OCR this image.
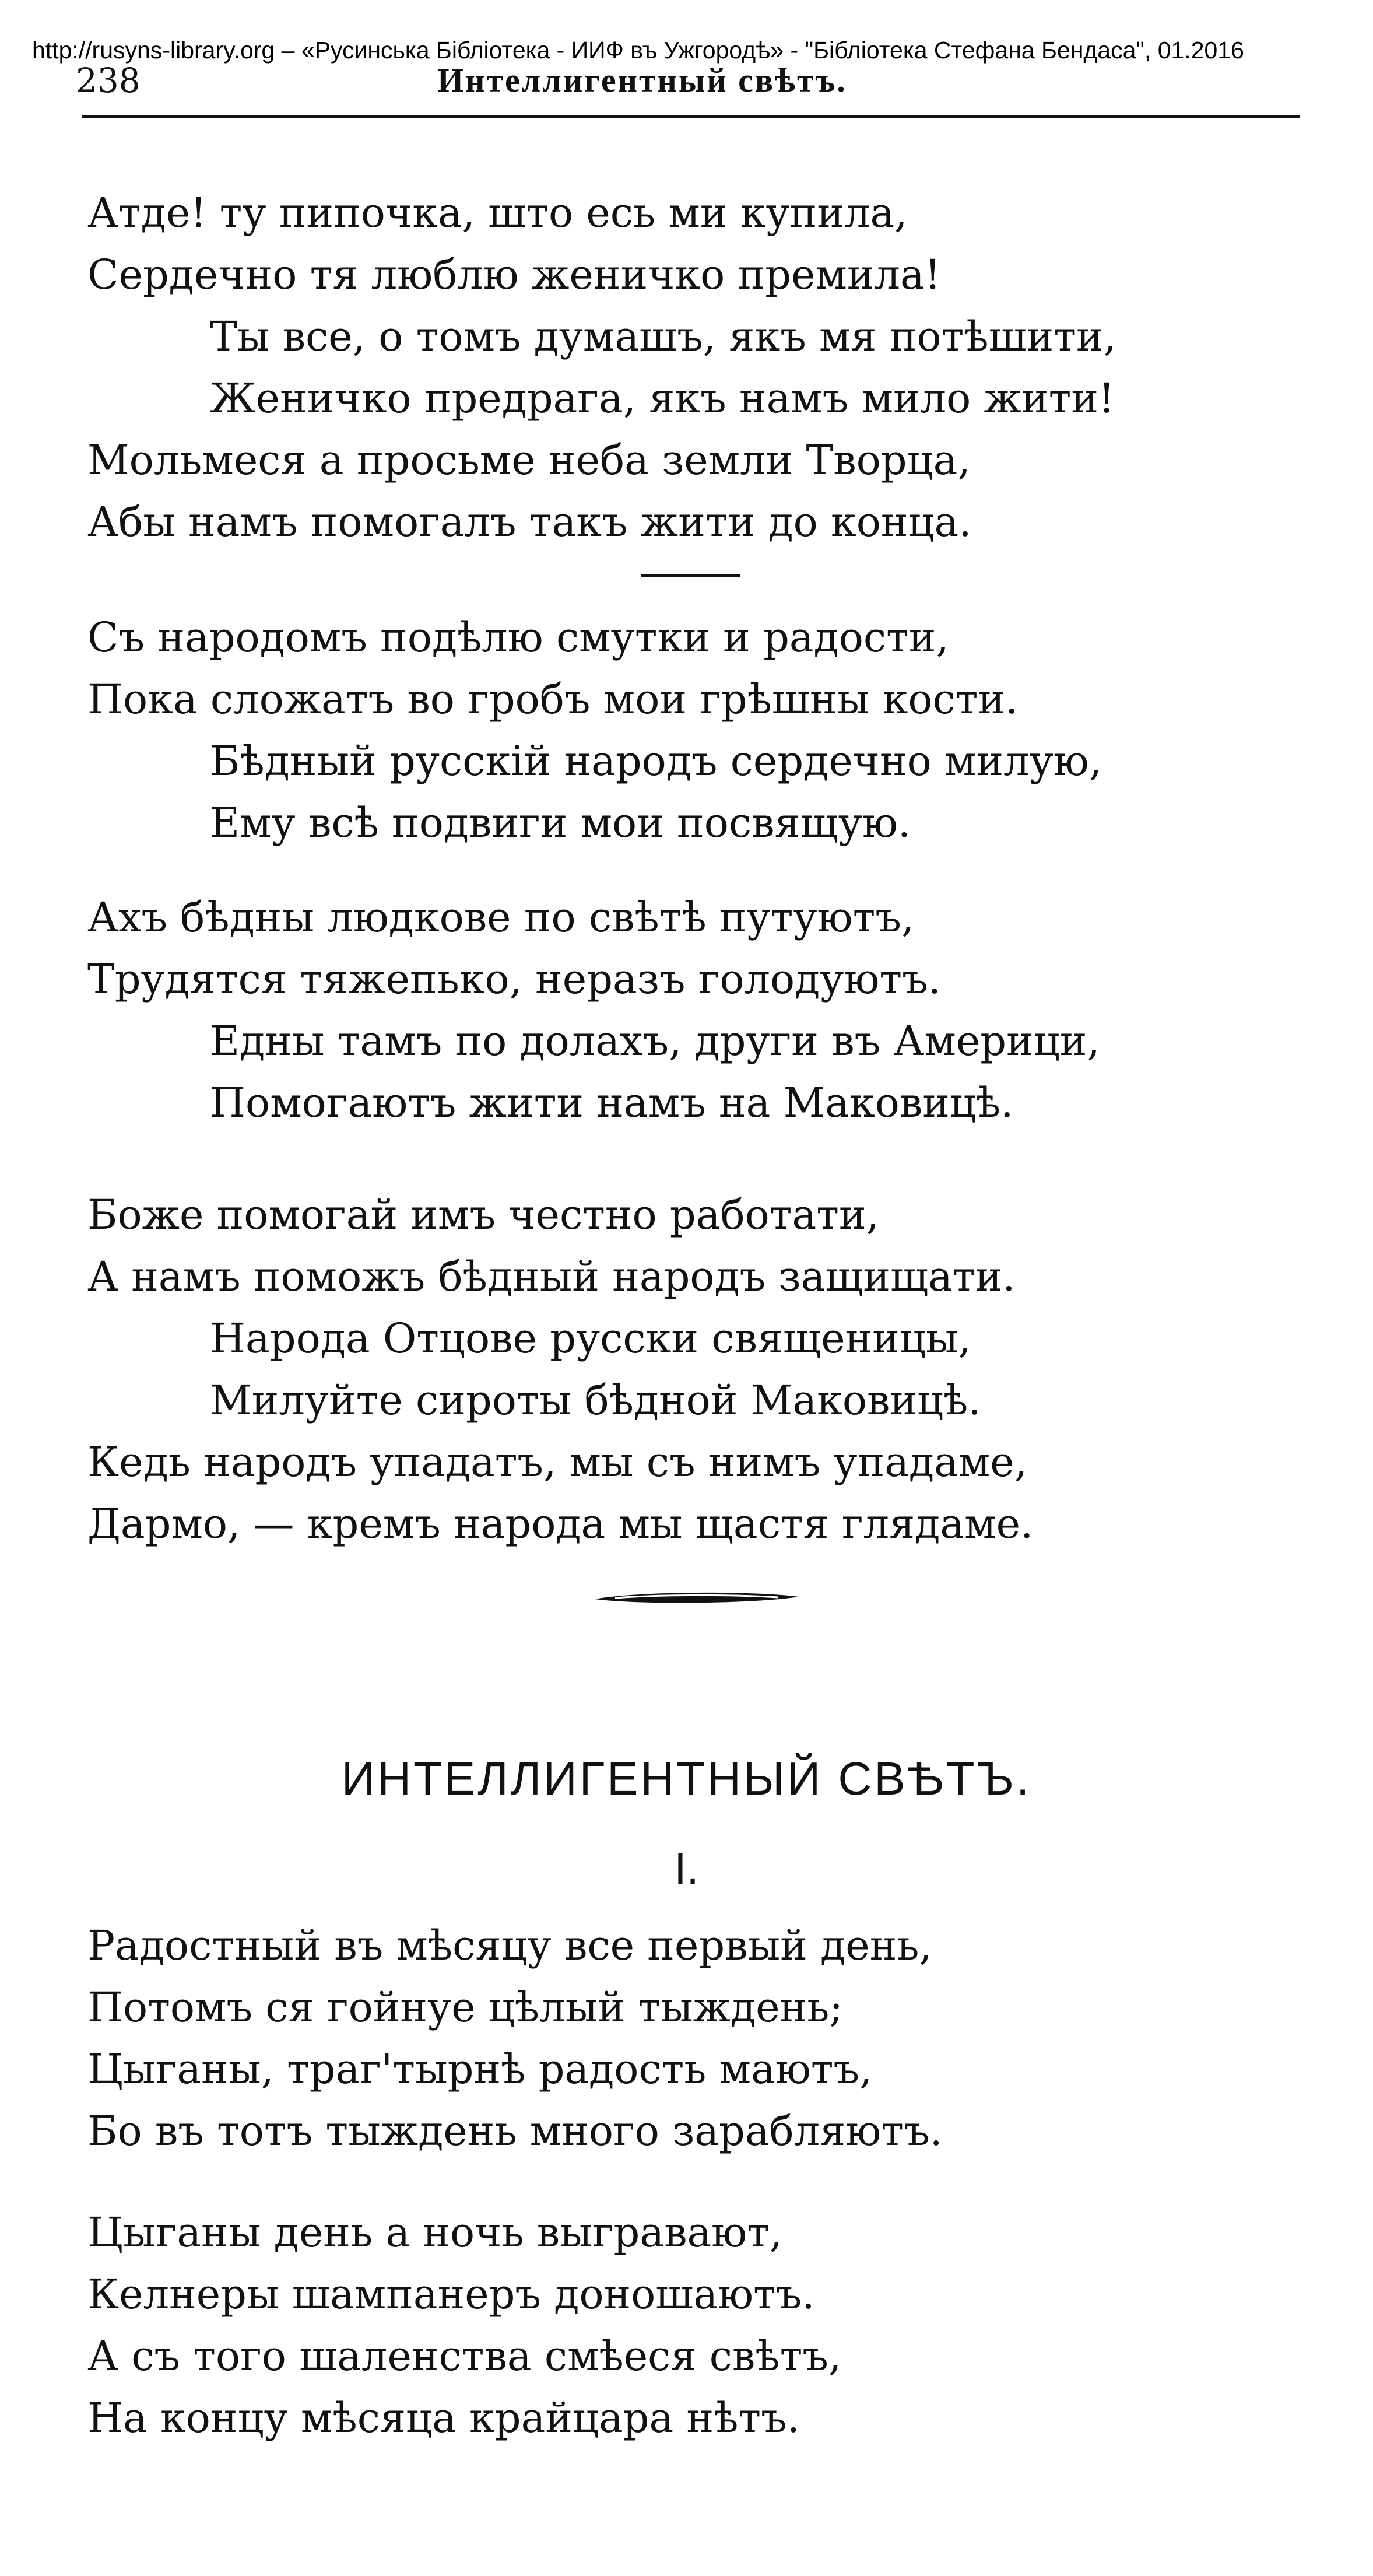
http://rusyns-library.org – «Русинська Бібліотека - ИИФ въ Ужгородѣ» - "Бібліотека Стефана Бендаса", 01.2016
238	Интеллигентный свѣтъ.
Атде! ту пипочка, што есь ми купила,
Сердечно тя люблю женичко премила!
Ты все, о томъ думашъ, якъ мя потѣшити,
Женичко предрага, якъ намъ мило жити!
Мольмеся а просьме неба земли Творца,
Абы намъ помогалъ такъ жити до конца.
Съ народомъ подѣлю смутки и радости,
Пока сложатъ во гробъ мои грѣшны кости.
Бѣдный русскій народъ сердечно милую,
Ему всѣ подвиги мои посвящую.
Ахъ бѣдны людкове по свѣтѣ путуютъ,
Трудятся тяжепько, неразъ голодуютъ.
Едны тамъ по долахъ, други въ Америци,
Помогаютъ жити намъ на Маковицѣ.
Боже помогай имъ честно работати,
А намъ поможъ бѣдный народъ защищати.
Народа Отцове русски священицы,
Милуйте сироты бѣдной Маковицѣ.
Кедь народъ упадатъ, мы съ нимъ упадаме,
Дармо, — кремъ народа мы щастя глядаме.
ИНТЕЛЛИГЕНТНЫЙ СВѢТЪ.
I.
Радостный въ мѣсяцу все первый день,
Потомъ ся гойнуе цѣлый тыждень;
Цыганы, траг'тырнѣ радость маютъ,
Бо въ тотъ тыждень много зарабляютъ.
Цыганы день а ночь выгравают,
Келнеры шампанеръ доношаютъ.
А съ того шаленства смѣеся свѣтъ,
На концу мѣсяца крайцара нѣтъ.
